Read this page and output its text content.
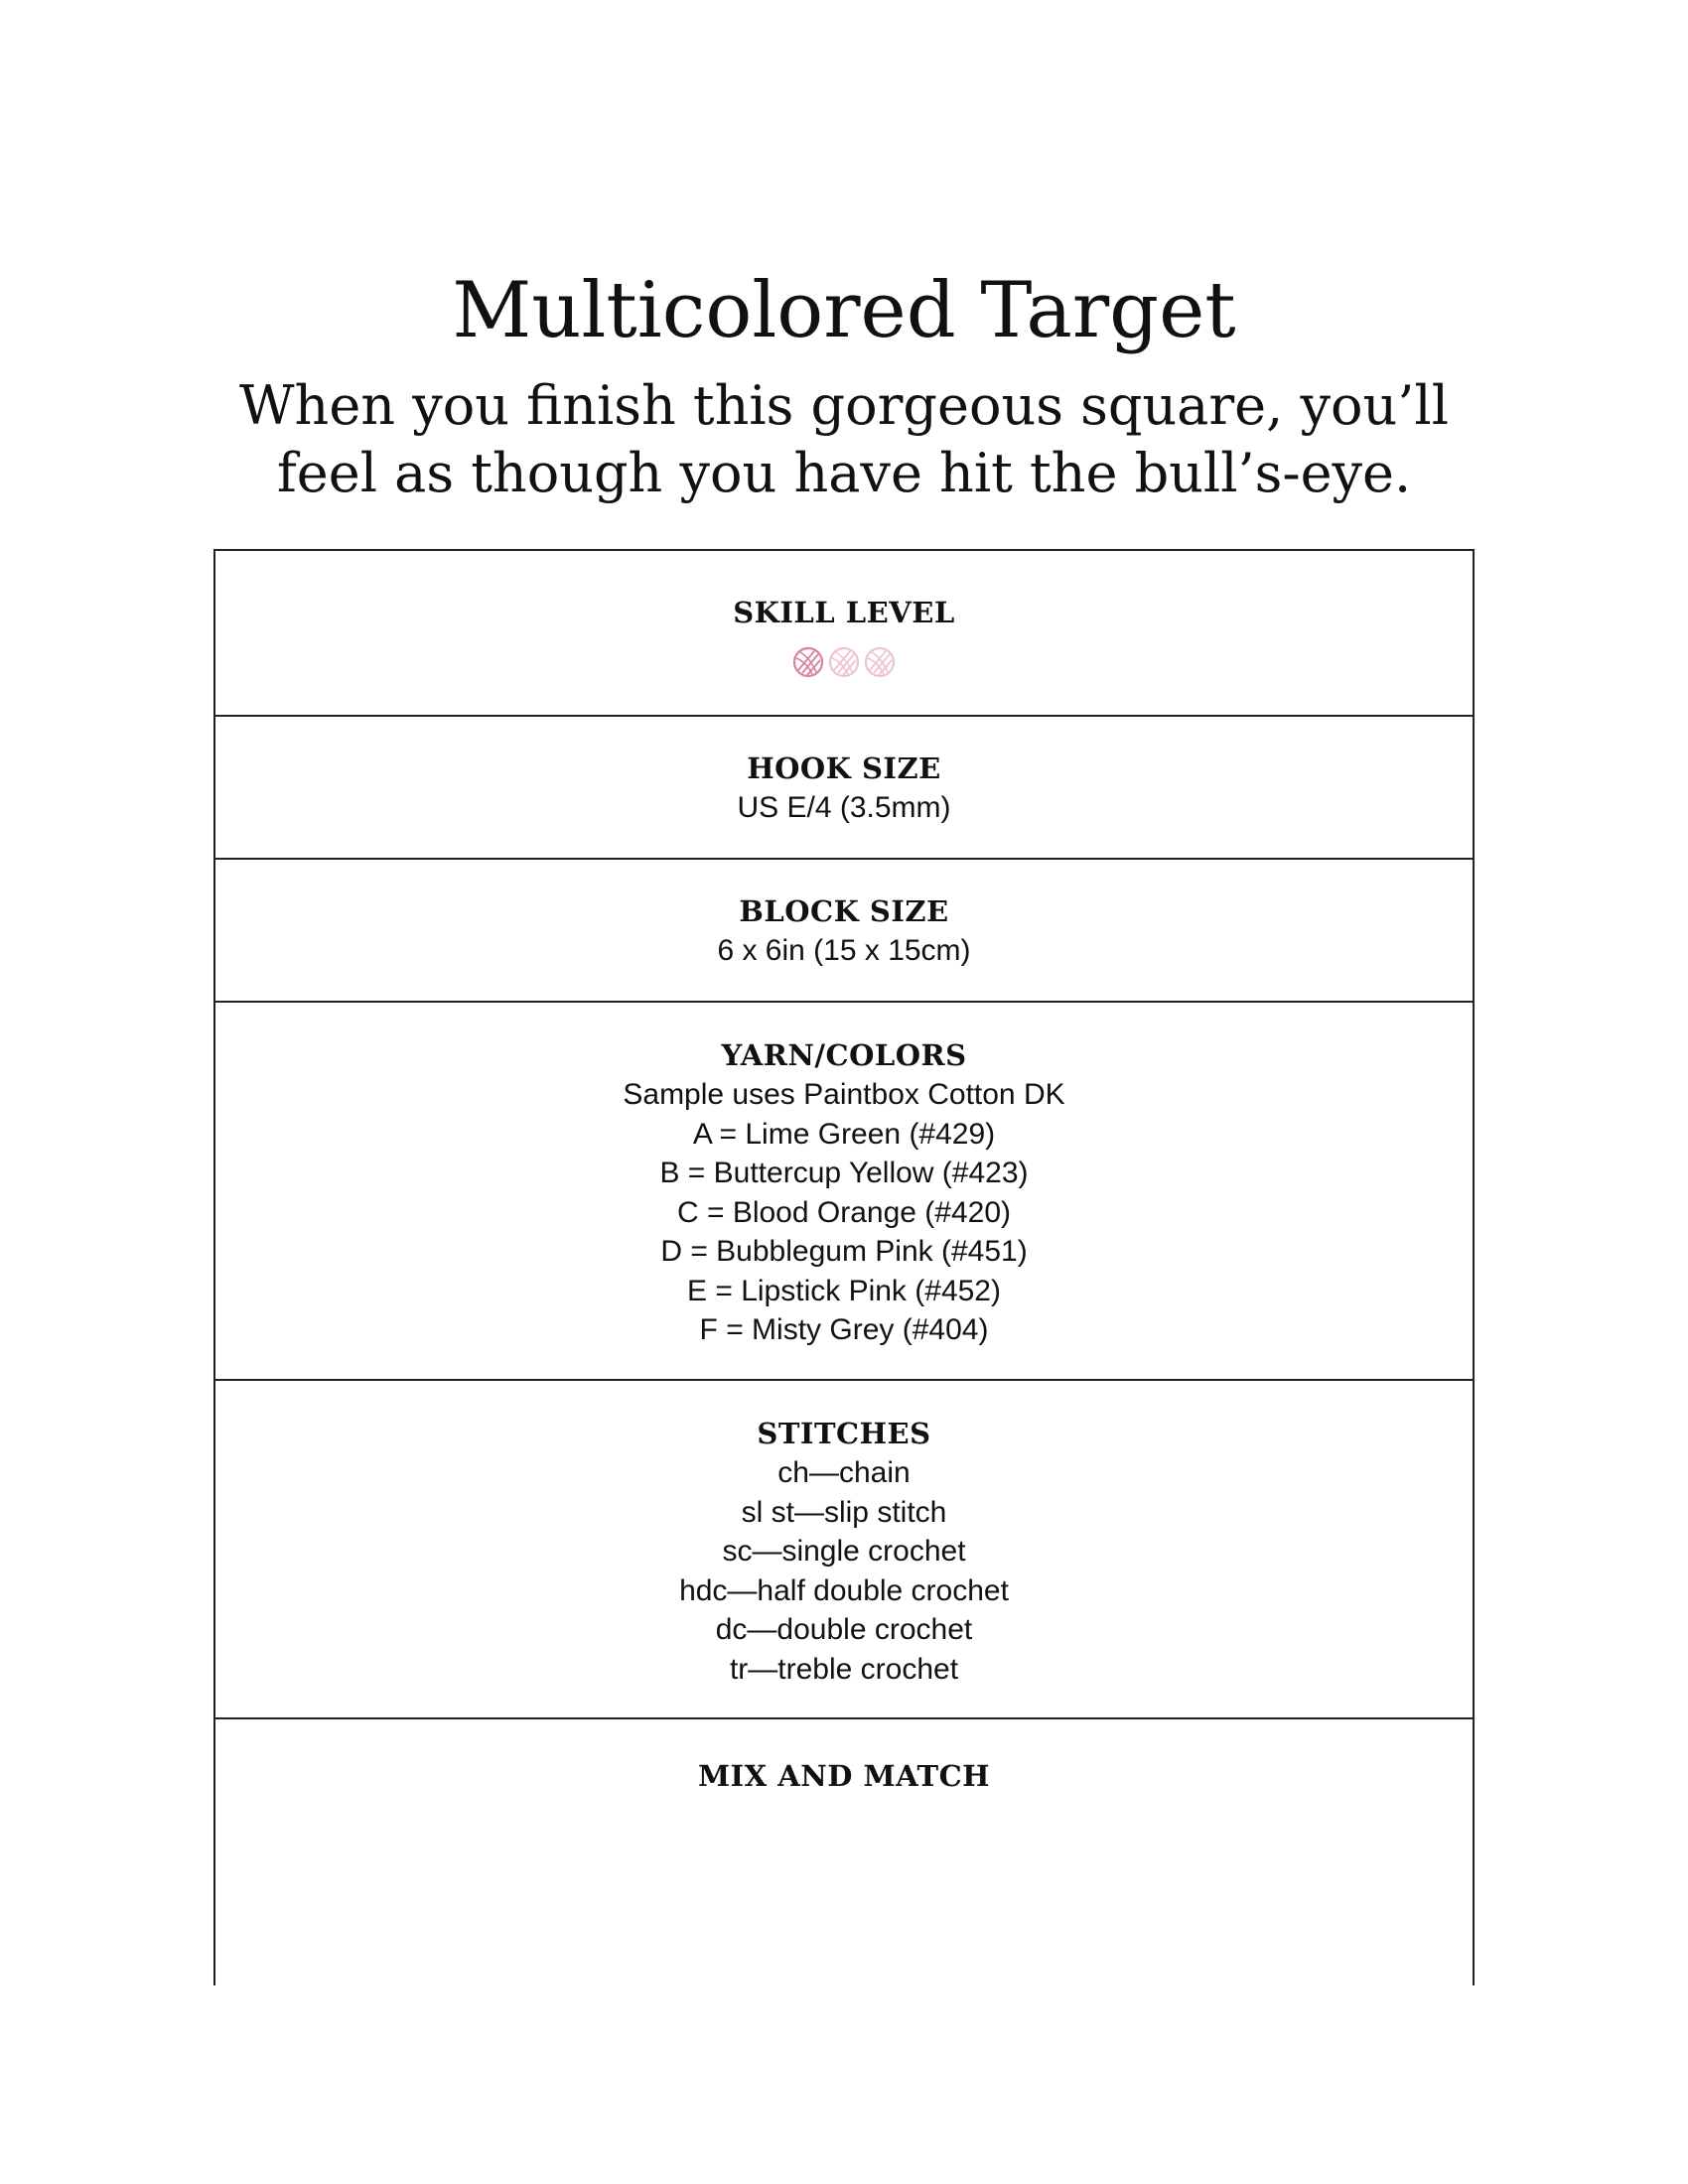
Multicolored Target

When you finish this gorgeous square, you’ll
feel as though you have hit the bull’s-eye.

SKILL LEVEL
HOOK SIZE
US E/4 (3.5mm)
BLOCK SIZE
6 x 6in (15 x 15cm)
YARN/COLORS
Sample uses Paintbox Cotton DK
A = Lime Green (#429)
B = Buttercup Yellow (#423)
C = Blood Orange (#420)
D = Bubblegum Pink (#451)
E = Lipstick Pink (#452)
F = Misty Grey (#404)
STITCHES
ch—chain
sl st—slip stitch
sc—single crochet
hdc—half double crochet
dc—double crochet
tr—treble crochet
MIX AND MATCH
